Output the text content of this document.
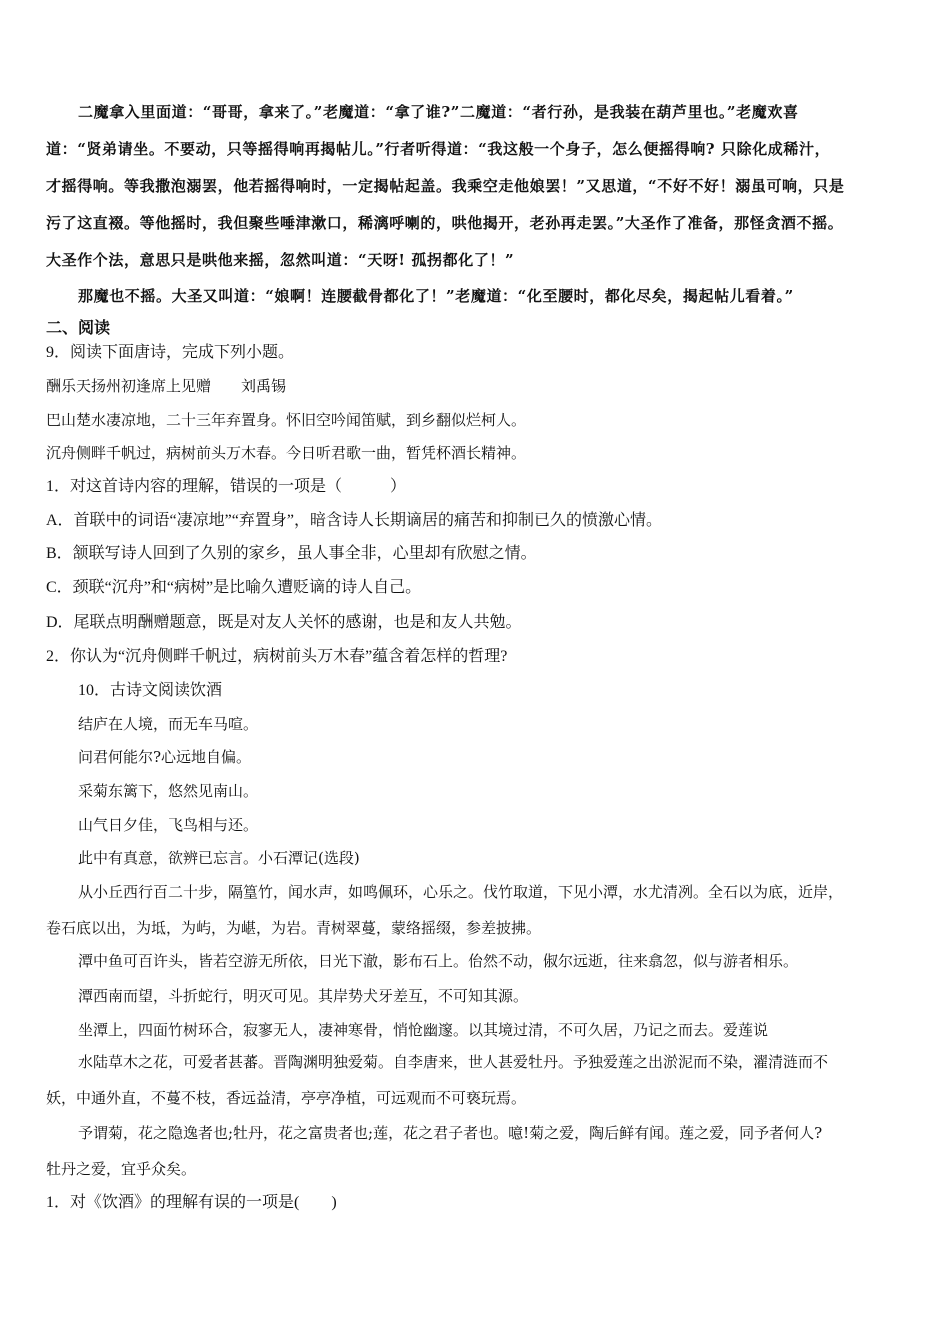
二魔拿入里面道：“哥哥，拿来了。”老魔道：“拿了谁?”二魔道：“者行孙，是我装在葫芦里也。”老魔欢喜
道：“贤弟请坐。不要动，只等摇得响再揭帖儿。”行者听得道：“我这般一个身子，怎么便摇得响? 只除化成稀汁，
才摇得响。等我撒泡溺罢，他若摇得响时，一定揭帖起盖。我乘空走他娘罢！”又思道，“不好不好！溺虽可响，只是
污了这直裰。等他摇时，我但聚些唾津漱口，稀漓呼喇的，哄他揭开，老孙再走罢。”大圣作了准备，那怪贪酒不摇。
大圣作个法，意思只是哄他来摇，忽然叫道：“天呀! 孤拐都化了！”
那魔也不摇。大圣又叫道：“娘啊！连腰截骨都化了！”老魔道：“化至腰时，都化尽矣，揭起帖儿看着。”
二、阅读
9．阅读下面唐诗，完成下列小题。
酬乐天扬州初逢席上见赠　　刘禹锡
巴山楚水凄凉地，二十三年弃置身。怀旧空吟闻笛赋，到乡翻似烂柯人。
沉舟侧畔千帆过，病树前头万木春。今日听君歌一曲，暂凭杯酒长精神。
1．对这首诗内容的理解，错误的一项是（　　　）
A．首联中的词语“凄凉地”“弃置身”，暗含诗人长期谪居的痛苦和抑制已久的愤激心情。
B．颔联写诗人回到了久别的家乡，虽人事全非，心里却有欣慰之情。
C．颈联“沉舟”和“病树”是比喻久遭贬谪的诗人自己。
D．尾联点明酬赠题意，既是对友人关怀的感谢，也是和友人共勉。
2．你认为“沉舟侧畔千帆过，病树前头万木春”蕴含着怎样的哲理?
10．古诗文阅读饮酒
结庐在人境，而无车马喧。
问君何能尔?心远地自偏。
采菊东篱下，悠然见南山。
山气日夕佳，飞鸟相与还。
此中有真意，欲辨已忘言。小石潭记(选段)
从小丘西行百二十步，隔篁竹，闻水声，如鸣佩环，心乐之。伐竹取道，下见小潭，水尤清冽。全石以为底，近岸，
卷石底以出，为坻，为屿，为嵁，为岩。青树翠蔓，蒙络摇缀，参差披拂。
潭中鱼可百许头，皆若空游无所依，日光下澈，影布石上。佁然不动，俶尔远逝，往来翕忽，似与游者相乐。
潭西南而望，斗折蛇行，明灭可见。其岸势犬牙差互，不可知其源。
坐潭上，四面竹树环合，寂寥无人，凄神寒骨，悄怆幽邃。以其境过清，不可久居，乃记之而去。爱莲说
水陆草木之花，可爱者甚蕃。晋陶渊明独爱菊。自李唐来，世人甚爱牡丹。予独爱莲之出淤泥而不染，濯清涟而不
妖，中通外直，不蔓不枝，香远益清，亭亭净植，可远观而不可亵玩焉。
予谓菊，花之隐逸者也;牡丹，花之富贵者也;莲，花之君子者也。噫!菊之爱，陶后鲜有闻。莲之爱，同予者何人?
牡丹之爱，宜乎众矣。
1．对《饮酒》的理解有误的一项是(　　)
